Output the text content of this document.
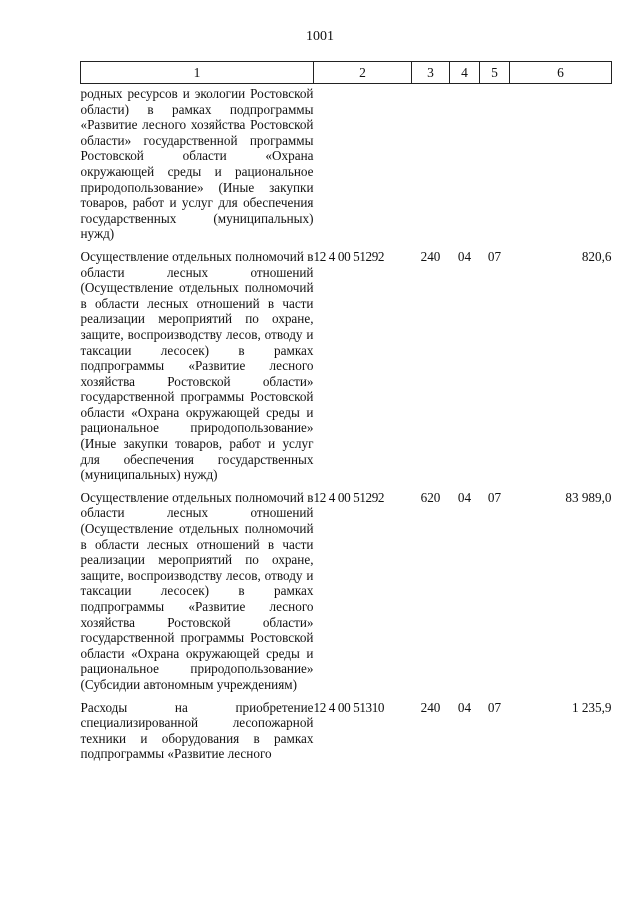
1001
1	2	3	4	5	6

родных ресурсов и экологии Ростовской области) в рамках подпрограммы «Развитие лесного хозяйства Ростовской области» государственной программы Ростовской области «Охрана окружающей среды и рациональное природопользование» (Иные закупки товаров, работ и услуг для обеспечения государственных (муниципальных) нужд)					

Осуществление отдельных полномочий в области лесных отношений (Осуществление отдельных полномочий в области лесных отношений в части реализации мероприятий по охране, защите, воспроизводству лесов, отводу и таксации лесосек) в рамках подпрограммы «Развитие лесного хозяйства Ростовской области» государственной программы Ростовской области «Охрана окружающей среды и рациональное природопользование» (Иные закупки товаров, работ и услуг для обеспечения государственных (муниципальных) нужд)	12 4 00 51292	240	04	07	820,6

Осуществление отдельных полномочий в области лесных отношений (Осуществление отдельных полномочий в области лесных отношений в части реализации мероприятий по охране, защите, воспроизводству лесов, отводу и таксации лесосек) в рамках подпрограммы «Развитие лесного хозяйства Ростовской области» государственной программы Ростовской области «Охрана окружающей среды и рациональное природопользование» (Субсидии автономным учреждениям)	12 4 00 51292	620	04	07	83 989,0

Расходы на приобретение специализированной лесопожарной техники и оборудования в рамках подпрограммы «Развитие лесного	12 4 00 51310	240	04	07	1 235,9
